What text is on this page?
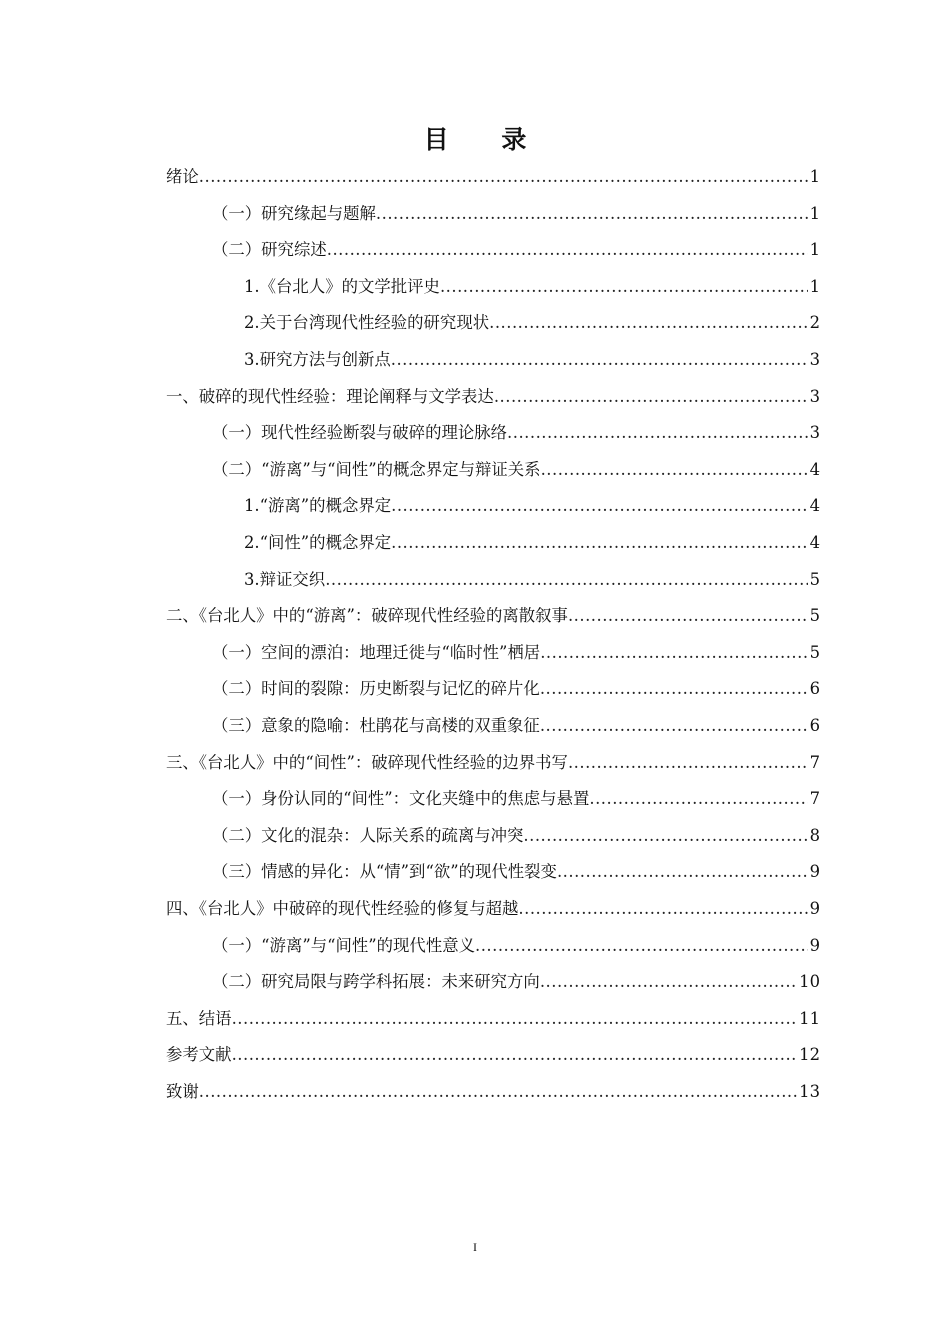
目 录
绪论 .....	1
（一）研究缘起与题解 .....	1
（二）研究综述 .....	1
1.《台北人》的文学批评史 .....	1
2.关于台湾现代性经验的研究现状 .....	2
3.研究方法与创新点 .....	3
一、破碎的现代性经验：理论阐释与文学表达 .....	3
（一）现代性经验断裂与破碎的理论脉络 .....	3
（二）“游离”与“间性”的概念界定与辩证关系 .....	4
1.“游离”的概念界定 .....	4
2.“间性”的概念界定 .....	4
3.辩证交织 .....	5
二、《台北人》中的“游离”：破碎现代性经验的离散叙事 .....	5
（一）空间的漂泊：地理迁徙与“临时性”栖居 .....	5
（二）时间的裂隙：历史断裂与记忆的碎片化 .....	6
（三）意象的隐喻：杜鹃花与高楼的双重象征 .....	6
三、《台北人》中的“间性”：破碎现代性经验的边界书写 .....	7
（一）身份认同的“间性”：文化夹缝中的焦虑与悬置 .....	7
（二）文化的混杂：人际关系的疏离与冲突 .....	8
（三）情感的异化：从“情”到“欲”的现代性裂变 .....	9
四、《台北人》中破碎的现代性经验的修复与超越 .....	9
（一）“游离”与“间性”的现代性意义 .....	9
（二）研究局限与跨学科拓展：未来研究方向 .....	10
五、结语 .....	11
参考文献 .....	12
致谢 .....	13
I
